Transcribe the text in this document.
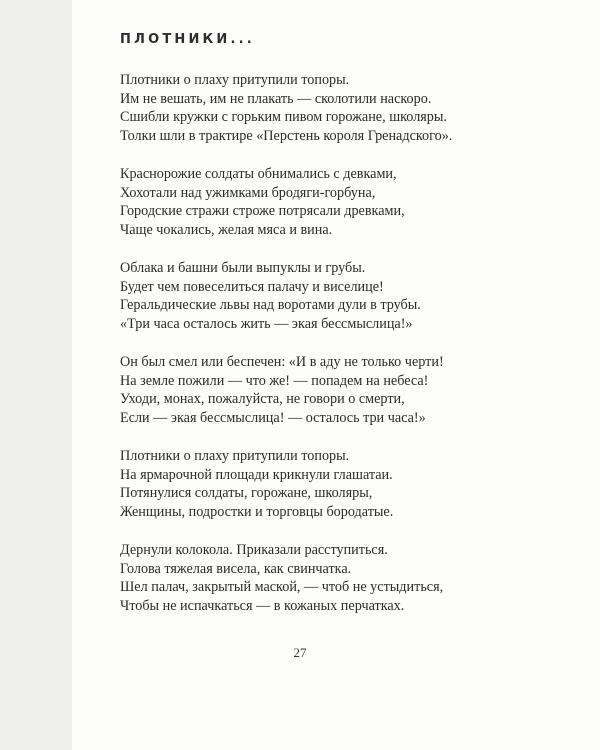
ПЛОТНИКИ...
Плотники о плаху притупили топоры.
Им не вешать, им не плакать — сколотили наскоро.
Сшибли кружки с горьким пивом горожане, школяры.
Толки шли в трактире «Перстень короля Гренадского».
Краснорожие солдаты обнимались с девками,
Хохотали над ужимками бродяги-горбуна,
Городские стражи строже потрясали древками,
Чаще чокались, желая мяса и вина.
Облака и башни были выпуклы и грубы.
Будет чем повеселиться палачу и виселице!
Геральдические львы над воротами дули в трубы.
«Три часа осталось жить — экая бессмыслица!»
Он был смел или беспечен: «И в аду не только черти!
На земле пожили — что же! — попадем на небеса!
Уходи, монах, пожалуйста, не говори о смерти,
Если — экая бессмыслица! — осталось три часа!»
Плотники о плаху притупили топоры.
На ярмарочной площади крикнули глашатаи.
Потянулися солдаты, горожане, школяры,
Женщины, подростки и торговцы бородатые.
Дернули колокола. Приказали расступиться.
Голова тяжелая висела, как свинчатка.
Шел палач, закрытый маской, — чтоб не устыдиться,
Чтобы не испачкаться — в кожаных перчатках.
27
